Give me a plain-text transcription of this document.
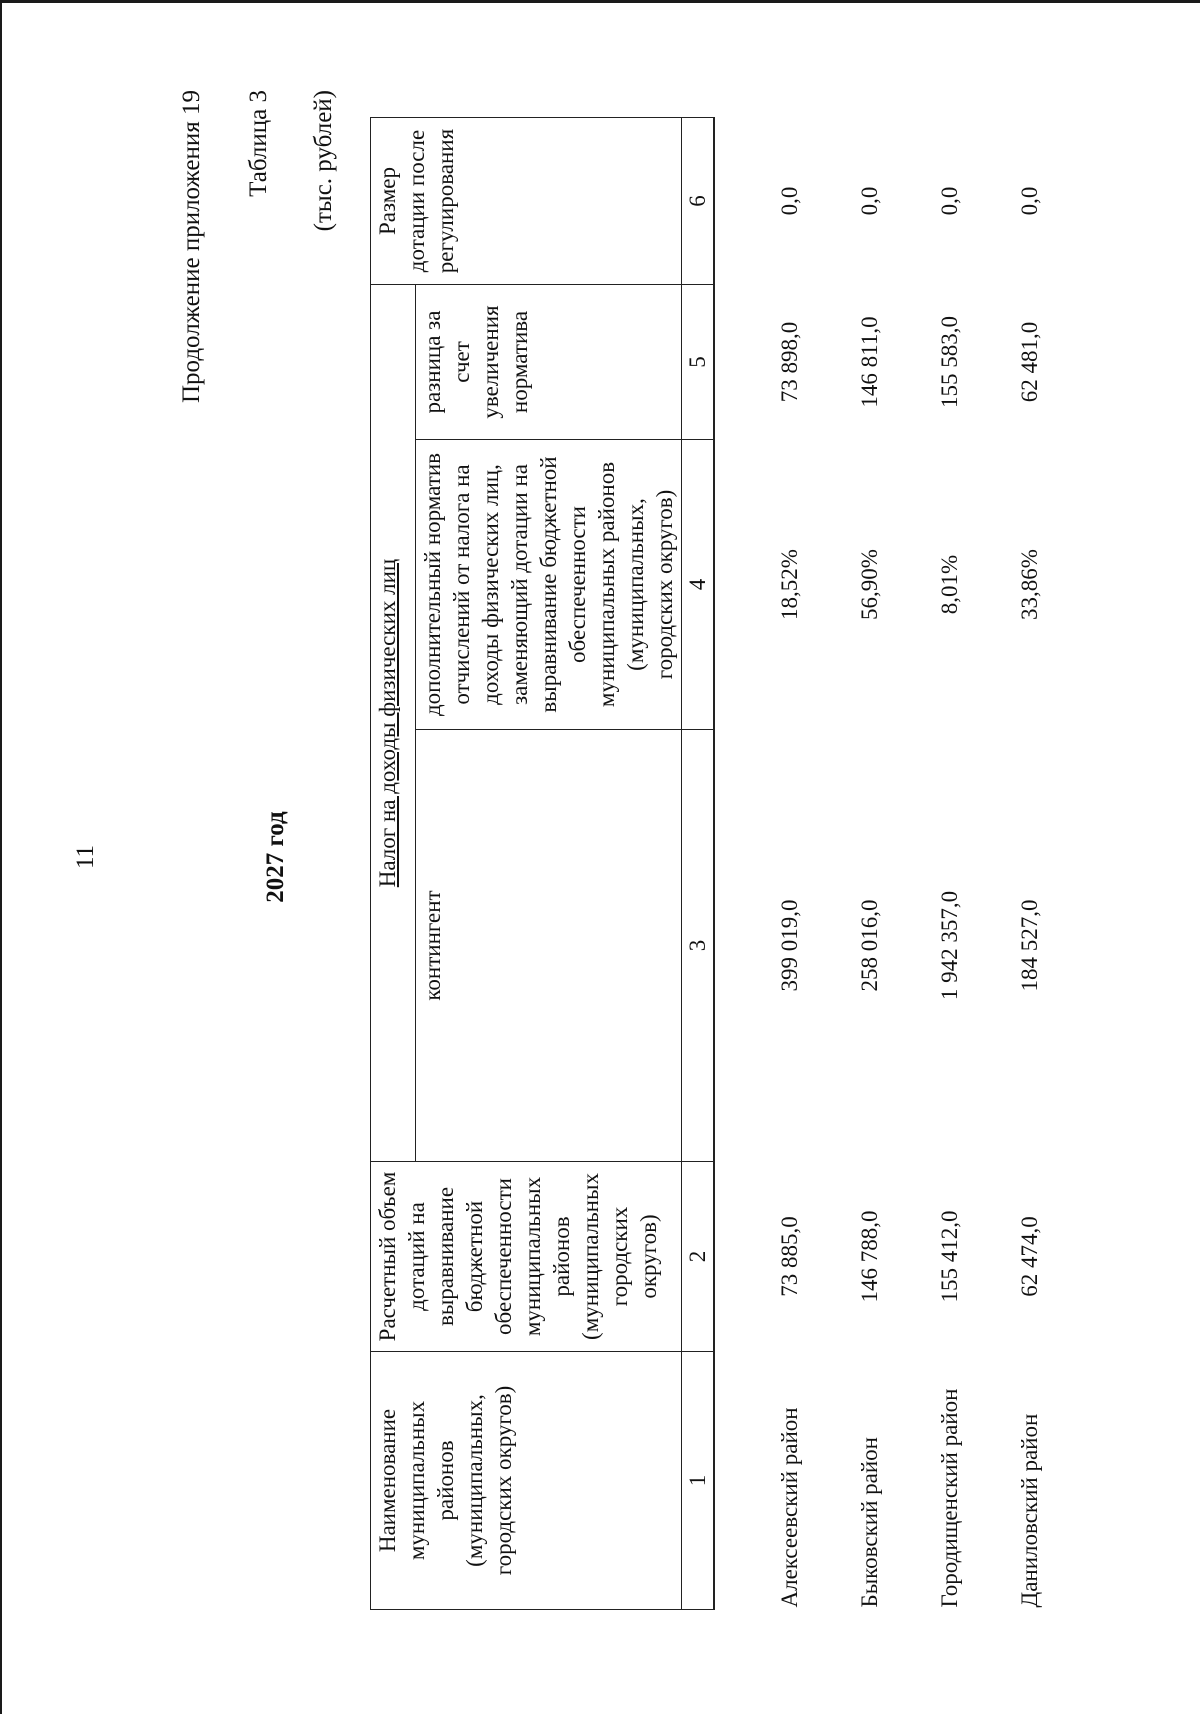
11
Продолжение приложения 19 Таблица 3
2027 год
(тыс. рублей)
Наименование муниципальных районов (муниципальных, городских округов)	Расчетный объем дотаций на выравнивание бюджетной обеспеченности муниципальных районов (муниципальных городских округов)	Налог на доходы физических лиц			Размер дотации после регулирования
		контингент	дополнительный норматив отчислений от налога на доходы физических лиц, заменяющий дотации на выравнивание бюджетной обеспеченности муниципальных районов (муниципальных, городских округов)	разница за счет увеличения норматива	
1	2	3	4	5	6
Алексеевский район	73 885,0	399 019,0	18,52%	73 898,0	0,0
Быковский район	146 788,0	258 016,0	56,90%	146 811,0	0,0
Городищенский район	155 412,0	1 942 357,0	8,01%	155 583,0	0,0
Даниловский район	62 474,0	184 527,0	33,86%	62 481,0	0,0
